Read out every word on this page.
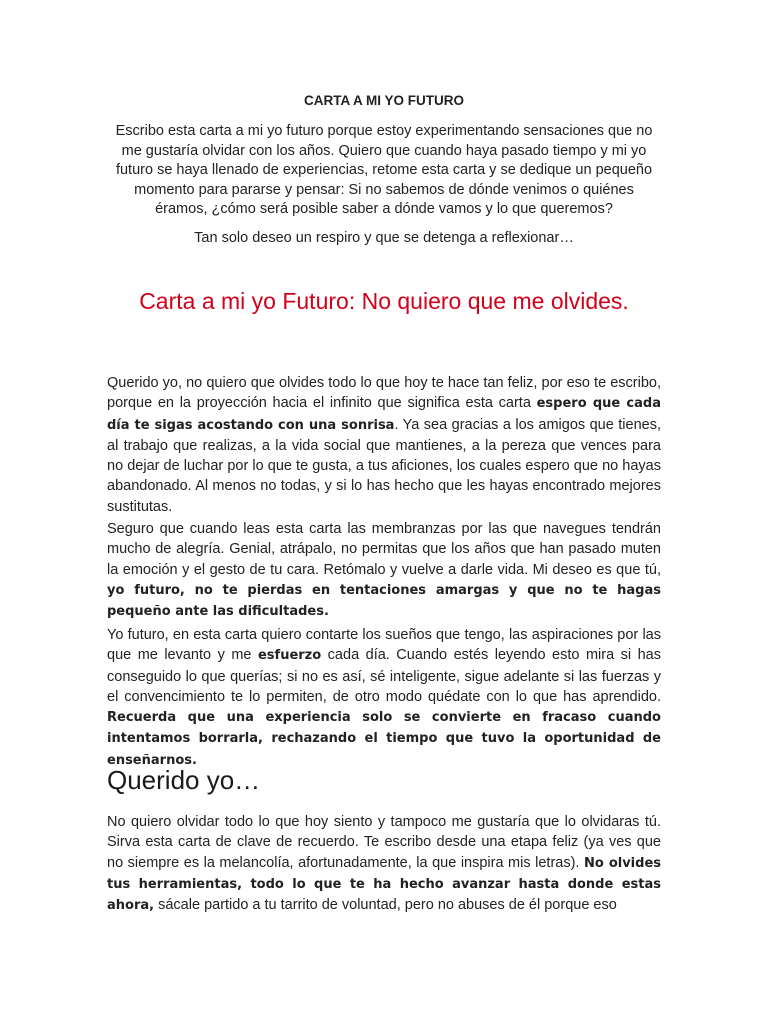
CARTA A MI YO FUTURO

Escribo esta carta a mi yo futuro porque estoy experimentando sensaciones que no me gustaría olvidar con los años. Quiero que cuando haya pasado tiempo y mi yo futuro se haya llenado de experiencias, retome esta carta y se dedique un pequeño momento para pararse y pensar: Si no sabemos de dónde venimos o quiénes éramos, ¿cómo será posible saber a dónde vamos y lo que queremos?

Tan solo deseo un respiro y que se detenga a reflexionar…

Carta a mi yo Futuro: No quiero que me olvides.

Querido yo, no quiero que olvides todo lo que hoy te hace tan feliz, por eso te escribo, porque en la proyección hacia el infinito que significa esta carta espero que cada día te sigas acostando con una sonrisa. Ya sea gracias a los amigos que tienes, al trabajo que realizas, a la vida social que mantienes, a la pereza que vences para no dejar de luchar por lo que te gusta, a tus aficiones, los cuales espero que no hayas abandonado. Al menos no todas, y si lo has hecho que les hayas encontrado mejores sustitutas.

Seguro que cuando leas esta carta las membranzas por las que navegues tendrán mucho de alegría. Genial, atrápalo, no permitas que los años que han pasado muten la emoción y el gesto de tu cara. Retómalo y vuelve a darle vida. Mi deseo es que tú, yo futuro, no te pierdas en tentaciones amargas y que no te hagas pequeño ante las dificultades.

Yo futuro, en esta carta quiero contarte los sueños que tengo, las aspiraciones por las que me levanto y me esfuerzo cada día. Cuando estés leyendo esto mira si has conseguido lo que querías; si no es así, sé inteligente, sigue adelante si las fuerzas y el convencimiento te lo permiten, de otro modo quédate con lo que has aprendido. Recuerda que una experiencia solo se convierte en fracaso cuando intentamos borrarla, rechazando el tiempo que tuvo la oportunidad de enseñarnos.

Querido yo…

No quiero olvidar todo lo que hoy siento y tampoco me gustaría que lo olvidaras tú. Sirva esta carta de clave de recuerdo. Te escribo desde una etapa feliz (ya ves que no siempre es la melancolía, afortunadamente, la que inspira mis letras). No olvides tus herramientas, todo lo que te ha hecho avanzar hasta donde estas ahora, sácale partido a tu tarrito de voluntad, pero no abuses de él porque eso
